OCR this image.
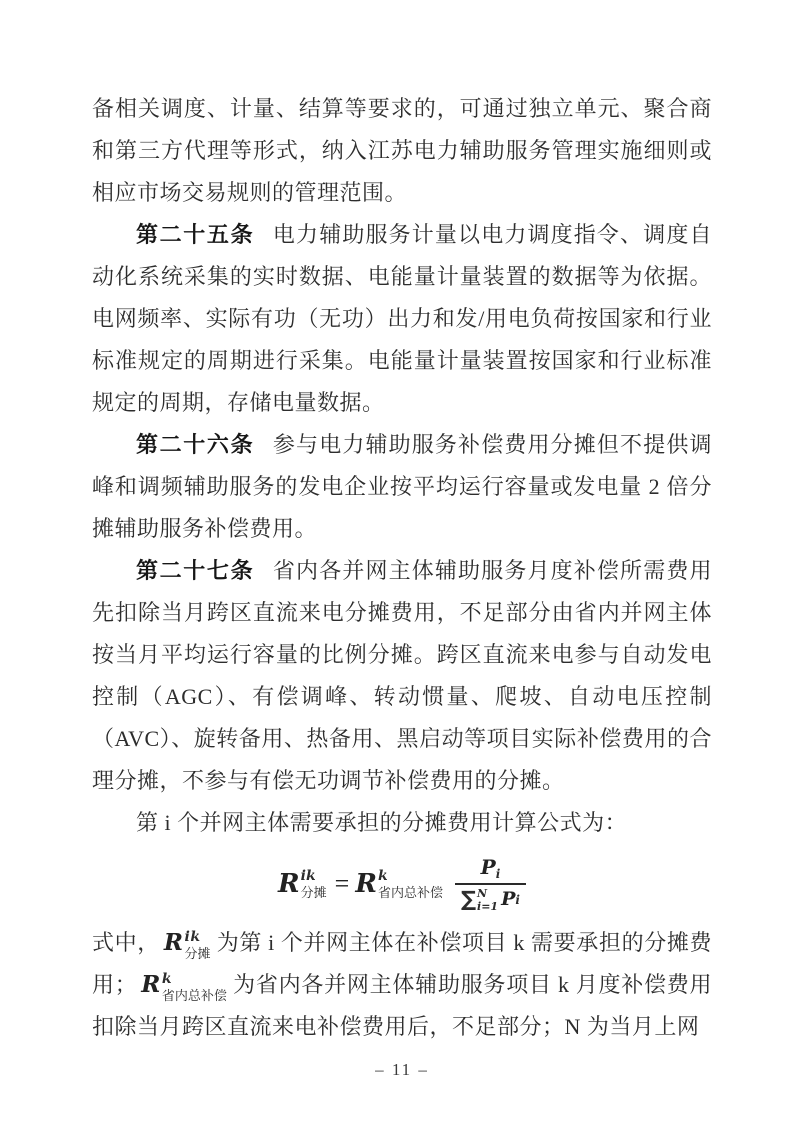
备相关调度、计量、结算等要求的，可通过独立单元、聚合商和第三方代理等形式，纳入江苏电力辅助服务管理实施细则或相应市场交易规则的管理范围。

第二十五条 电力辅助服务计量以电力调度指令、调度自动化系统采集的实时数据、电能量计量装置的数据等为依据。电网频率、实际有功（无功）出力和发/用电负荷按国家和行业标准规定的周期进行采集。电能量计量装置按国家和行业标准规定的周期，存储电量数据。

第二十六条 参与电力辅助服务补偿费用分摊但不提供调峰和调频辅助服务的发电企业按平均运行容量或发电量 2 倍分摊辅助服务补偿费用。

第二十七条 省内各并网主体辅助服务月度补偿所需费用先扣除当月跨区直流来电分摊费用，不足部分由省内并网主体按当月平均运行容量的比例分摊。跨区直流来电参与自动发电控制（AGC）、有偿调峰、转动惯量、爬坡、自动电压控制（AVC）、旋转备用、热备用、黑启动等项目实际补偿费用的合理分摊，不参与有偿无功调节补偿费用的分摊。

第 i 个并网主体需要承担的分摊费用计算公式为：

R ik
分摊 = R k
省内总补偿 $P_i$
∑ N
i=1 P i

式中， R ik
分摊 为第 i 个并网主体在补偿项目 k 需要承担的分摊费用； R k
省内总补偿 为省内各并网主体辅助服务项目 k 月度补偿费用扣除当月跨区直流来电补偿费用后，不足部分；N 为当月上网

– 11 –
